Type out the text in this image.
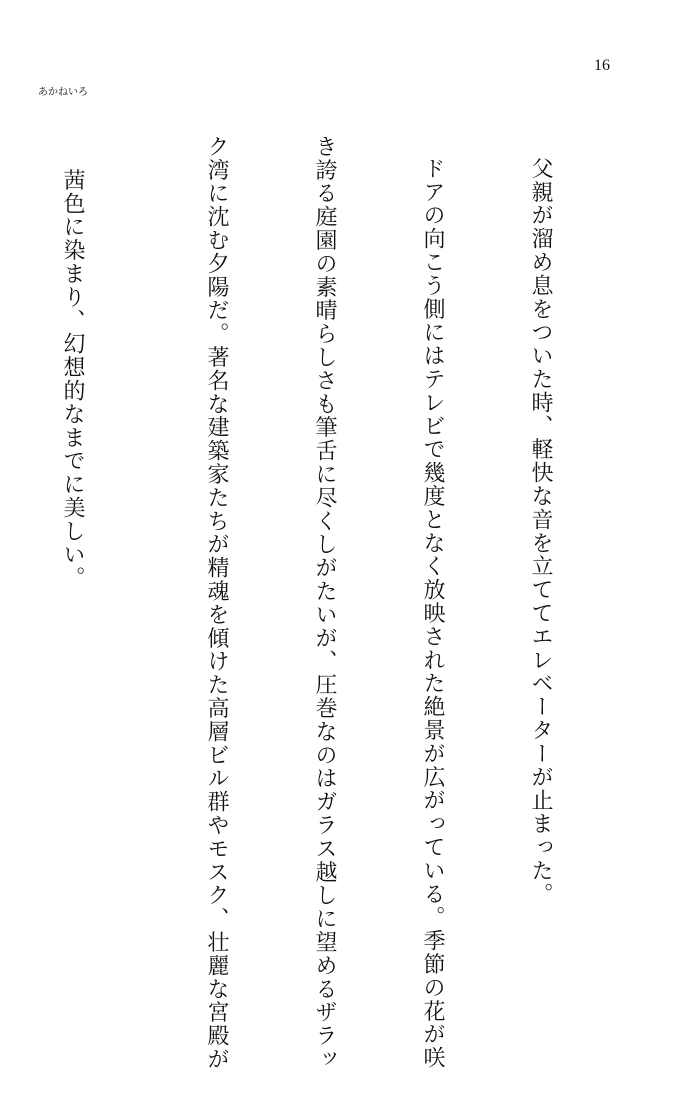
16

父親が溜め息をついた時、軽快な音を立ててエレベーターが止まった。

ドアの向こう側にはテレビで幾度となく放映された絶景が広がっている。季節の花が咲

き誇る庭園の素晴らしさも筆舌に尽くしがたいが、圧巻なのはガラス越しに望めるザラッ

ク湾に沈む夕陽だ。著名な建築家たちが精魂を傾けた高層ビル群やモスク、壮麗な宮殿が

あかねいろ
茜色に染まり、幻想的なまでに美しい。
